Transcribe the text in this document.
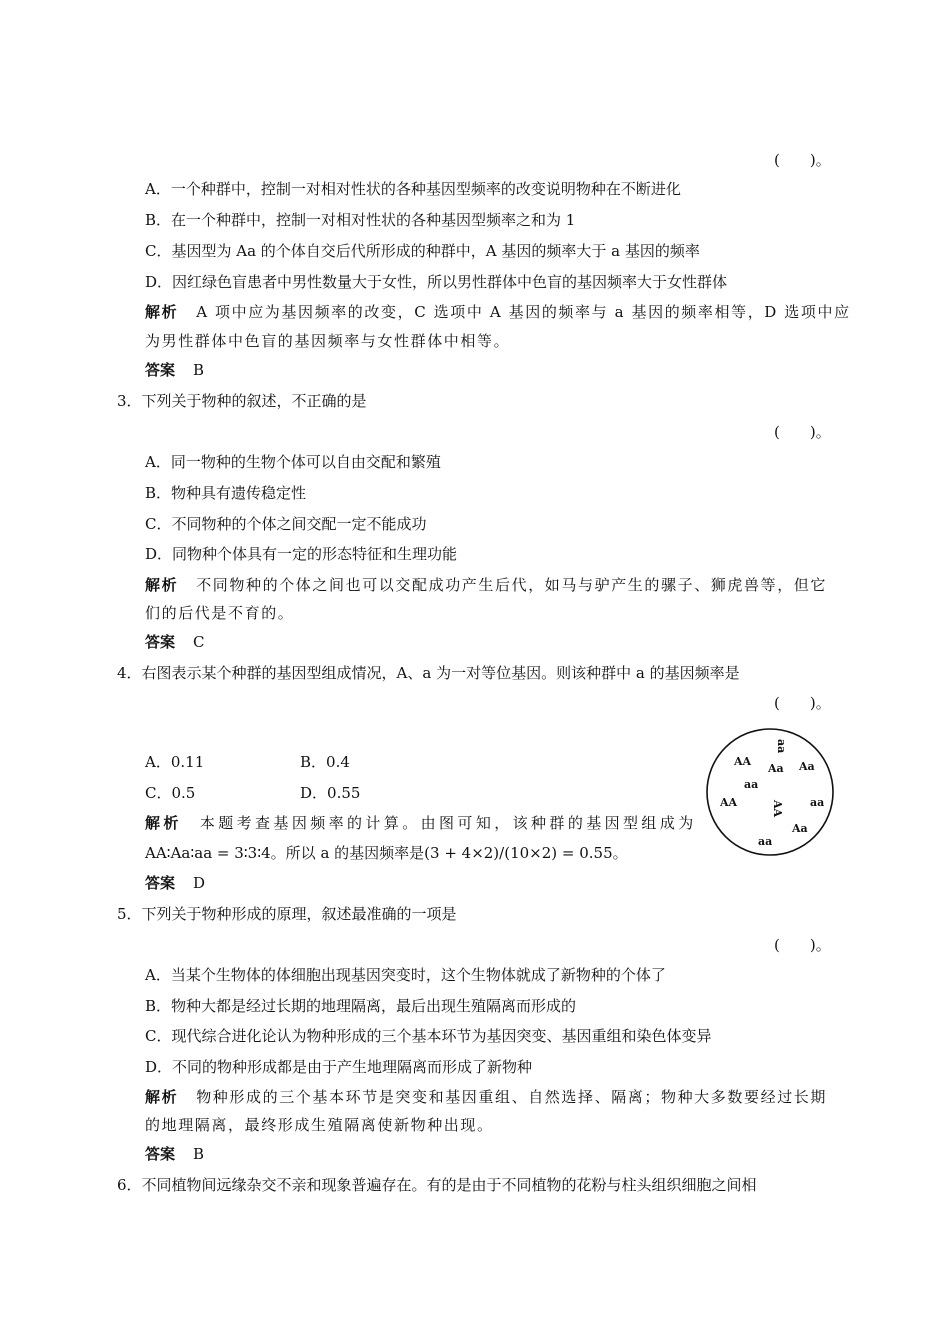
(　　)。
A．一个种群中，控制一对相对性状的各种基因型频率的改变说明物种在不断进化
B．在一个种群中，控制一对相对性状的各种基因型频率之和为 1
C．基因型为 Aa 的个体自交后代所形成的种群中，A 基因的频率大于 a 基因的频率
D．因红绿色盲患者中男性数量大于女性，所以男性群体中色盲的基因频率大于女性群体
解析 A 项中应为基因频率的改变，C 选项中 A 基因的频率与 a 基因的频率相等，D 选项中应
为男性群体中色盲的基因频率与女性群体中相等。
答案 B
3．下列关于物种的叙述，不正确的是
(　　)。
A．同一物种的生物个体可以自由交配和繁殖
B．物种具有遗传稳定性
C．不同物种的个体之间交配一定不能成功
D．同物种个体具有一定的形态特征和生理功能
解析 不同物种的个体之间也可以交配成功产生后代，如马与驴产生的骡子、狮虎兽等，但它
们的后代是不育的。
答案 C
4．右图表示某个种群的基因型组成情况，A、a 为一对等位基因。则该种群中 a 的基因频率是
(　　)。
A．0.11	B．0.4
C．0.5	D．0.55
解析 本题考查基因频率的计算。由图可知，该种群的基因型组成为
AA∶Aa∶aa = 3∶3∶4。所以 a 的基因频率是(3 + 4×2)/(10×2) = 0.55。
答案 D
aa
AA
Aa Aa
aa
AA	AA aa
Aa
aa
5．下列关于物种形成的原理，叙述最准确的一项是
(　　)。
A．当某个生物体的体细胞出现基因突变时，这个生物体就成了新物种的个体了
B．物种大都是经过长期的地理隔离，最后出现生殖隔离而形成的
C．现代综合进化论认为物种形成的三个基本环节为基因突变、基因重组和染色体变异
D．不同的物种形成都是由于产生地理隔离而形成了新物种
解析 物种形成的三个基本环节是突变和基因重组、自然选择、隔离；物种大多数要经过长期
的地理隔离，最终形成生殖隔离使新物种出现。
答案 B
6．不同植物间远缘杂交不亲和现象普遍存在。有的是由于不同植物的花粉与柱头组织细胞之间相
